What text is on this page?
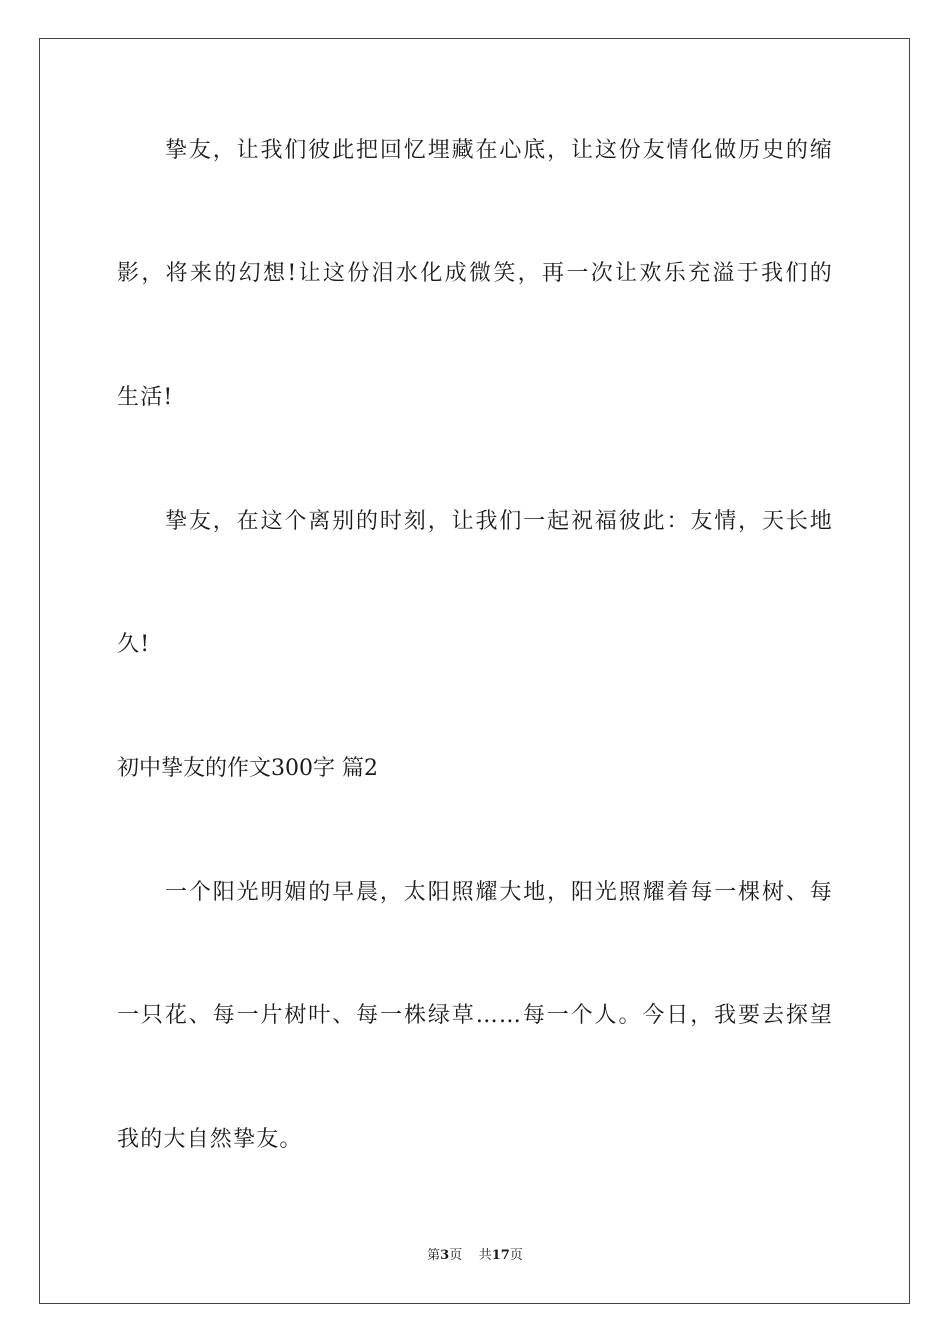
挚友，让我们彼此把回忆埋藏在心底，让这份友情化做历史的缩
影，将来的幻想!让这份泪水化成微笑，再一次让欢乐充溢于我们的
生活!
挚友，在这个离别的时刻，让我们一起祝福彼此：友情，天长地
久!
初中挚友的作文300字 篇2
一个阳光明媚的早晨，太阳照耀大地，阳光照耀着每一棵树、每
一只花、每一片树叶、每一株绿草……每一个人。今日，我要去探望
我的大自然挚友。
第3页 共17页
